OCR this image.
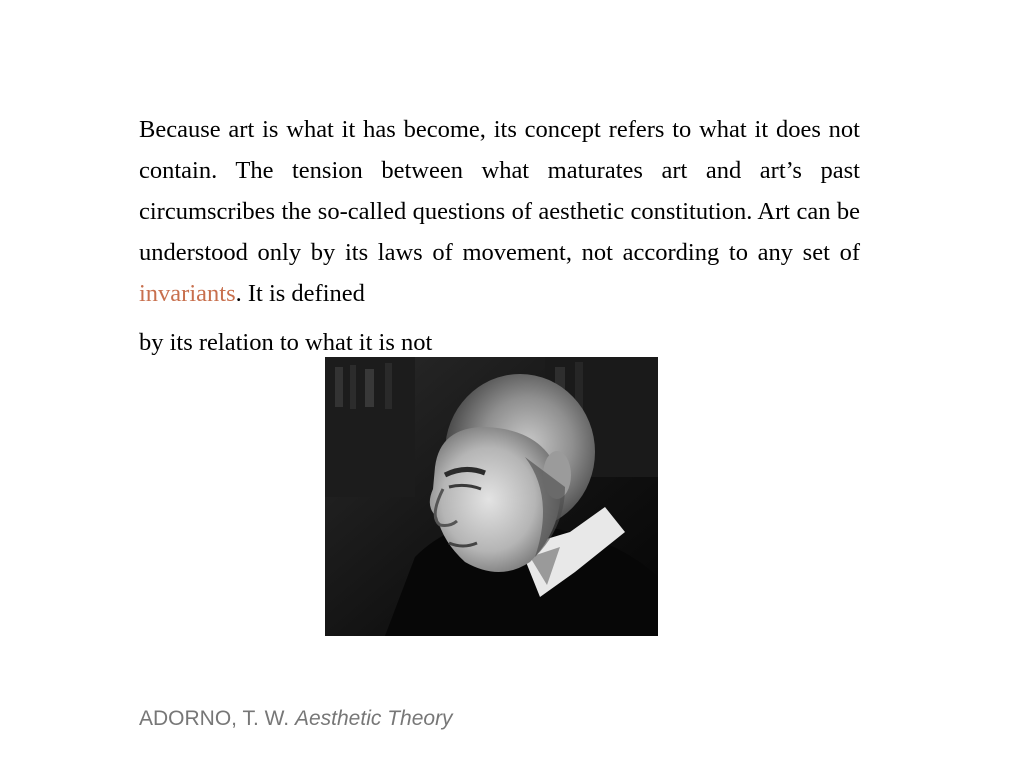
Because art is what it has become, its concept refers to what it does not contain. The tension between what maturates art and art’s past circumscribes the so-called questions of aesthetic constitution. Art can be understood only by its laws of movement, not according to any set of invariants. It is defined
by its relation to what it is not

ADORNO, T. W. Aesthetic Theory
